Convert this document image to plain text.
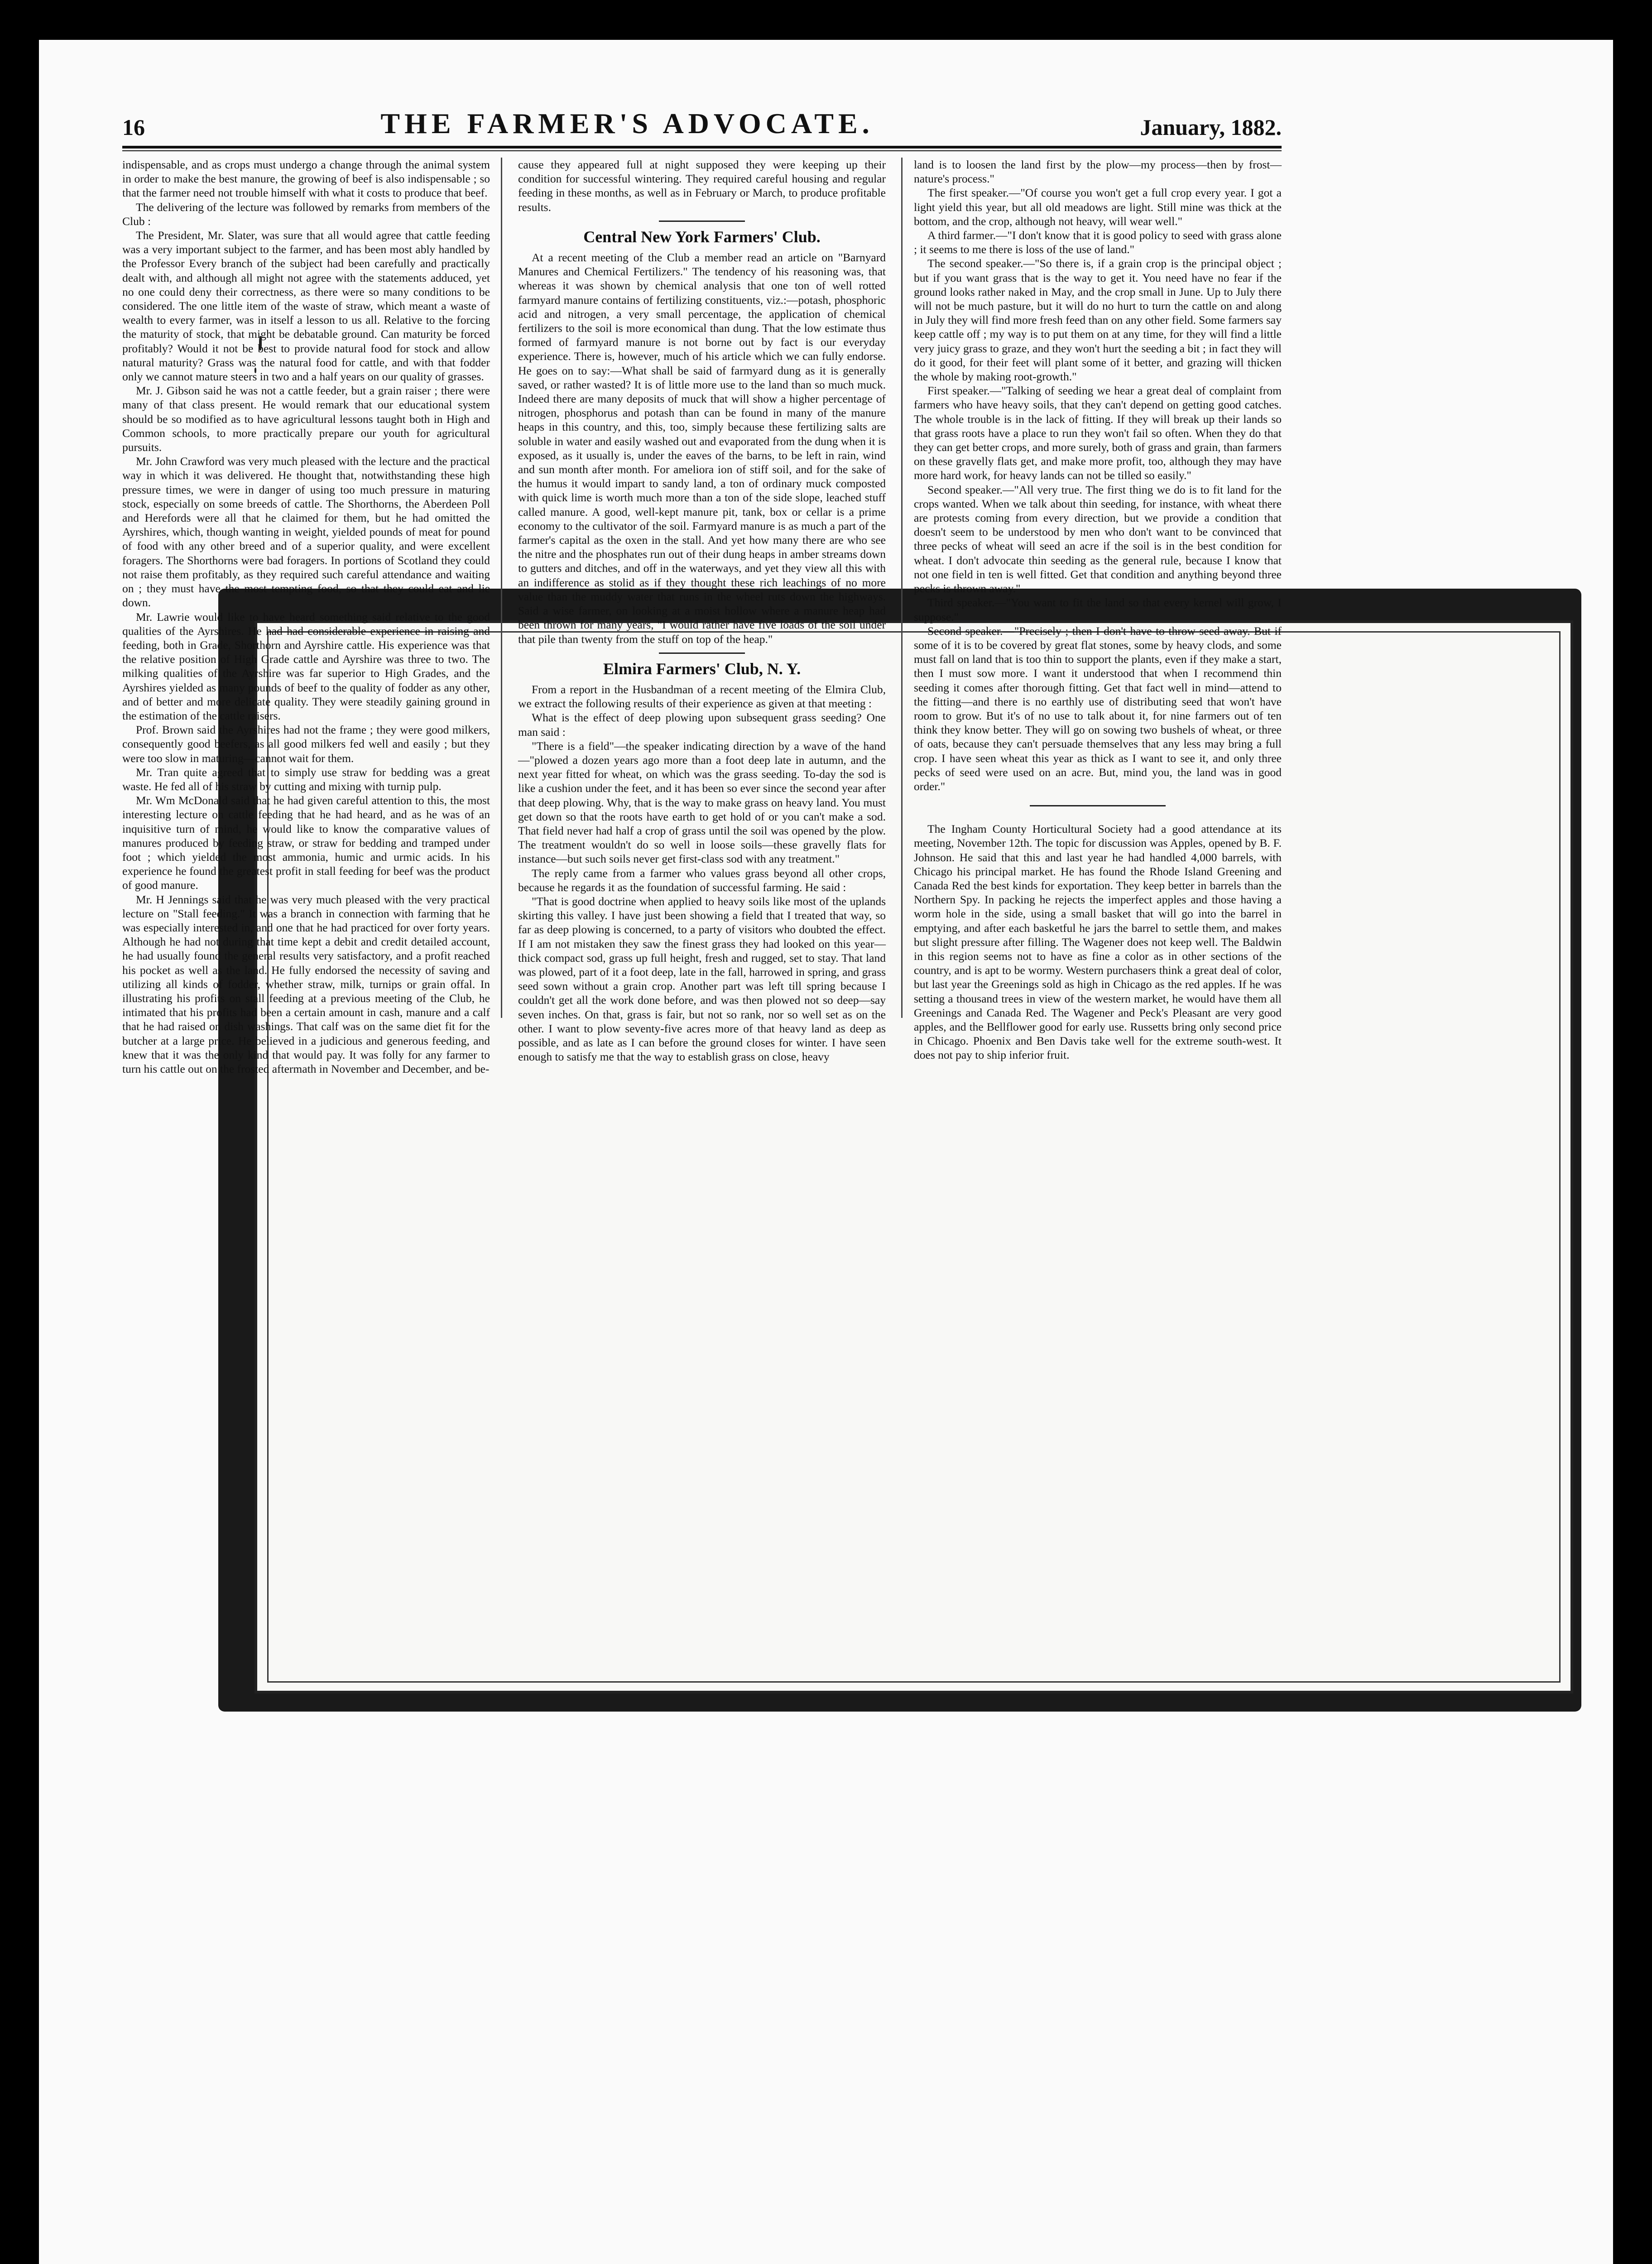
16	THE FARMER'S ADVOCATE.	January, 1882.

indispensable, and as crops must undergo a change through the animal system in order to make the best manure, the growing of beef is also indispensable ; so that the farmer need not trouble himself with what it costs to produce that beef.

The delivering of the lecture was followed by remarks from members of the Club :

The President, Mr. Slater, was sure that all would agree that cattle feeding was a very important subject to the farmer, and has been most ably handled by the Professor Every branch of the subject had been carefully and practically dealt with, and although all might not agree with the statements adduced, yet no one could deny their correctness, as there were so many conditions to be considered. The one little item of the waste of straw, which meant a waste of wealth to every farmer, was in itself a lesson to us all. Relative to the forcing the maturity of stock, that might be debatable ground. Can maturity be forced profitably? Would it not be best to provide natural food for stock and allow natural maturity? Grass was the natural food for cattle, and with that fodder only we cannot mature steers in two and a half years on our quality of grasses.

Mr. J. Gibson said he was not a cattle feeder, but a grain raiser ; there were many of that class present. He would remark that our educational system should be so modified as to have agricultural lessons taught both in High and Common schools, to more practically prepare our youth for agricultural pursuits.

Mr. John Crawford was very much pleased with the lecture and the practical way in which it was delivered. He thought that, notwithstanding these high pressure times, we were in danger of using too much pressure in maturing stock, especially on some breeds of cattle. The Shorthorns, the Aberdeen Poll and Herefords were all that he claimed for them, but he had omitted the Ayrshires, which, though wanting in weight, yielded pounds of meat for pound of food with any other breed and of a superior quality, and were excellent foragers. The Shorthorns were bad foragers. In portions of Scotland they could not raise them profitably, as they required such careful attendance and waiting on ; they must have the most tempting food, so that they could eat and lie down.

Mr. Lawrie would like to have heard something said relative to the good qualities of the Ayrshires. He had had considerable experience in raising and feeding, both in Grade, Shorthorn and Ayrshire cattle. His experience was that the relative position of High Grade cattle and Ayrshire was three to two. The milking qualities of the Ayrshire was far superior to High Grades, and the Ayrshires yielded as many pounds of beef to the quality of fodder as any other, and of better and more delicate quality. They were steadily gaining ground in the estimation of the cattle raisers.

Prof. Brown said the Ayrshires had not the frame ; they were good milkers, consequently good beefers, as all good milkers fed well and easily ; but they were too slow in maturing—cannot wait for them.

Mr. Tran quite agreed that to simply use straw for bedding was a great waste. He fed all of his straw by cutting and mixing with turnip pulp.

Mr. Wm McDonald said that he had given careful attention to this, the most interesting lecture on cattle feeding that he had heard, and as he was of an inquisitive turn of mind, he would like to know the comparative values of manures produced by feeding straw, or straw for bedding and tramped under foot ; which yielded the most ammonia, humic and urmic acids. In his experience he found the greatest profit in stall feeding for beef was the product of good manure.

Mr. H Jennings said that he was very much pleased with the very practical lecture on "Stall feeding." It was a branch in connection with farming that he was especially interested in, and one that he had practiced for over forty years. Although he had not during that time kept a debit and credit detailed account, he had usually found the general results very satisfactory, and a profit reached his pocket as well as the land. He fully endorsed the necessity of saving and utilizing all kinds of fodder, whether straw, milk, turnips or grain offal. In illustrating his profits on stall feeding at a previous meeting of the Club, he intimated that his profits had been a certain amount in cash, manure and a calf that he had raised on dish washings. That calf was on the same diet fit for the butcher at a large price. He believed in a judicious and generous feeding, and knew that it was the only kind that would pay. It was folly for any farmer to turn his cattle out on the frosted aftermath in November and December, and be-

cause they appeared full at night supposed they were keeping up their condition for successful wintering. They required careful housing and regular feeding in these months, as well as in February or March, to produce profitable results.

Central New York Farmers' Club.

At a recent meeting of the Club a member read an article on "Barnyard Manures and Chemical Fertilizers." The tendency of his reasoning was, that whereas it was shown by chemical analysis that one ton of well rotted farmyard manure contains of fertilizing constituents, viz.:—potash, phosphoric acid and nitrogen, a very small percentage, the application of chemical fertilizers to the soil is more economical than dung. That the low estimate thus formed of farmyard manure is not borne out by fact is our everyday experience. There is, however, much of his article which we can fully endorse. He goes on to say:—What shall be said of farmyard dung as it is generally saved, or rather wasted? It is of little more use to the land than so much muck. Indeed there are many deposits of muck that will show a higher percentage of nitrogen, phosphorus and potash than can be found in many of the manure heaps in this country, and this, too, simply because these fertilizing salts are soluble in water and easily washed out and evaporated from the dung when it is exposed, as it usually is, under the eaves of the barns, to be left in rain, wind and sun month after month. For ameliora ion of stiff soil, and for the sake of the humus it would impart to sandy land, a ton of ordinary muck composted with quick lime is worth much more than a ton of the side slope, leached stuff called manure. A good, well-kept manure pit, tank, box or cellar is a prime economy to the cultivator of the soil. Farmyard manure is as much a part of the farmer's capital as the oxen in the stall. And yet how many there are who see the nitre and the phosphates run out of their dung heaps in amber streams down to gutters and ditches, and off in the waterways, and yet they view all this with an indifference as stolid as if they thought these rich leachings of no more value than the muddy water that runs in the wheel ruts down the highways. Said a wise farmer, on looking at a moist hollow where a manure heap had been thrown for many years, "I would rather have five loads of the soil under that pile than twenty from the stuff on top of the heap."

Elmira Farmers' Club, N. Y.

From a report in the Husbandman of a recent meeting of the Elmira Club, we extract the following results of their experience as given at that meeting :

What is the effect of deep plowing upon subsequent grass seeding? One man said :

"There is a field"—the speaker indicating direction by a wave of the hand—"plowed a dozen years ago more than a foot deep late in autumn, and the next year fitted for wheat, on which was the grass seeding. To-day the sod is like a cushion under the feet, and it has been so ever since the second year after that deep plowing. Why, that is the way to make grass on heavy land. You must get down so that the roots have earth to get hold of or you can't make a sod. That field never had half a crop of grass until the soil was opened by the plow. The treatment wouldn't do so well in loose soils—these gravelly flats for instance—but such soils never get first-class sod with any treatment."

The reply came from a farmer who values grass beyond all other crops, because he regards it as the foundation of successful farming. He said :

"That is good doctrine when applied to heavy soils like most of the uplands skirting this valley. I have just been showing a field that I treated that way, so far as deep plowing is concerned, to a party of visitors who doubted the effect. If I am not mistaken they saw the finest grass they had looked on this year—thick compact sod, grass up full height, fresh and rugged, set to stay. That land was plowed, part of it a foot deep, late in the fall, harrowed in spring, and grass seed sown without a grain crop. Another part was left till spring because I couldn't get all the work done before, and was then plowed not so deep—say seven inches. On that, grass is fair, but not so rank, nor so well set as on the other. I want to plow seventy-five acres more of that heavy land as deep as possible, and as late as I can before the ground closes for winter. I have seen enough to satisfy me that the way to establish grass on close, heavy

land is to loosen the land first by the plow—my process—then by frost—nature's process."

The first speaker.—"Of course you won't get a full crop every year. I got a light yield this year, but all old meadows are light. Still mine was thick at the bottom, and the crop, although not heavy, will wear well."

A third farmer.—"I don't know that it is good policy to seed with grass alone ; it seems to me there is loss of the use of land."

The second speaker.—"So there is, if a grain crop is the principal object ; but if you want grass that is the way to get it. You need have no fear if the ground looks rather naked in May, and the crop small in June. Up to July there will not be much pasture, but it will do no hurt to turn the cattle on and along in July they will find more fresh feed than on any other field. Some farmers say keep cattle off ; my way is to put them on at any time, for they will find a little very juicy grass to graze, and they won't hurt the seeding a bit ; in fact they will do it good, for their feet will plant some of it better, and grazing will thicken the whole by making root-growth."

First speaker.—"Talking of seeding we hear a great deal of complaint from farmers who have heavy soils, that they can't depend on getting good catches. The whole trouble is in the lack of fitting. If they will break up their lands so that grass roots have a place to run they won't fail so often. When they do that they can get better crops, and more surely, both of grass and grain, than farmers on these gravelly flats get, and make more profit, too, although they may have more hard work, for heavy lands can not be tilled so easily."

Second speaker.—"All very true. The first thing we do is to fit land for the crops wanted. When we talk about thin seeding, for instance, with wheat there are protests coming from every direction, but we provide a condition that doesn't seem to be understood by men who don't want to be convinced that three pecks of wheat will seed an acre if the soil is in the best condition for wheat. I don't advocate thin seeding as the general rule, because I know that not one field in ten is well fitted. Get that condition and anything beyond three pecks is thrown away."

Third speaker.—"You want to fit the land so that every kernel will grow, I suppose."

Second speaker.—"Precisely ; then I don't have to throw seed away. But if some of it is to be covered by great flat stones, some by heavy clods, and some must fall on land that is too thin to support the plants, even if they make a start, then I must sow more. I want it understood that when I recommend thin seeding it comes after thorough fitting. Get that fact well in mind—attend to the fitting—and there is no earthly use of distributing seed that won't have room to grow. But it's of no use to talk about it, for nine farmers out of ten think they know better. They will go on sowing two bushels of wheat, or three of oats, because they can't persuade themselves that any less may bring a full crop. I have seen wheat this year as thick as I want to see it, and only three pecks of seed were used on an acre. But, mind you, the land was in good order."

The Ingham County Horticultural Society had a good attendance at its meeting, November 12th. The topic for discussion was Apples, opened by B. F. Johnson. He said that this and last year he had handled 4,000 barrels, with Chicago his principal market. He has found the Rhode Island Greening and Canada Red the best kinds for exportation. They keep better in barrels than the Northern Spy. In packing he rejects the imperfect apples and those having a worm hole in the side, using a small basket that will go into the barrel in emptying, and after each basketful he jars the barrel to settle them, and makes but slight pressure after filling. The Wagener does not keep well. The Baldwin in this region seems not to have as fine a color as in other sections of the country, and is apt to be wormy. Western purchasers think a great deal of color, but last year the Greenings sold as high in Chicago as the red apples. If he was setting a thousand trees in view of the western market, he would have them all Greenings and Canada Red. The Wagener and Peck's Pleasant are very good apples, and the Bellflower good for early use. Russetts bring only second price in Chicago. Phoenix and Ben Davis take well for the extreme south-west. It does not pay to ship inferior fruit.
